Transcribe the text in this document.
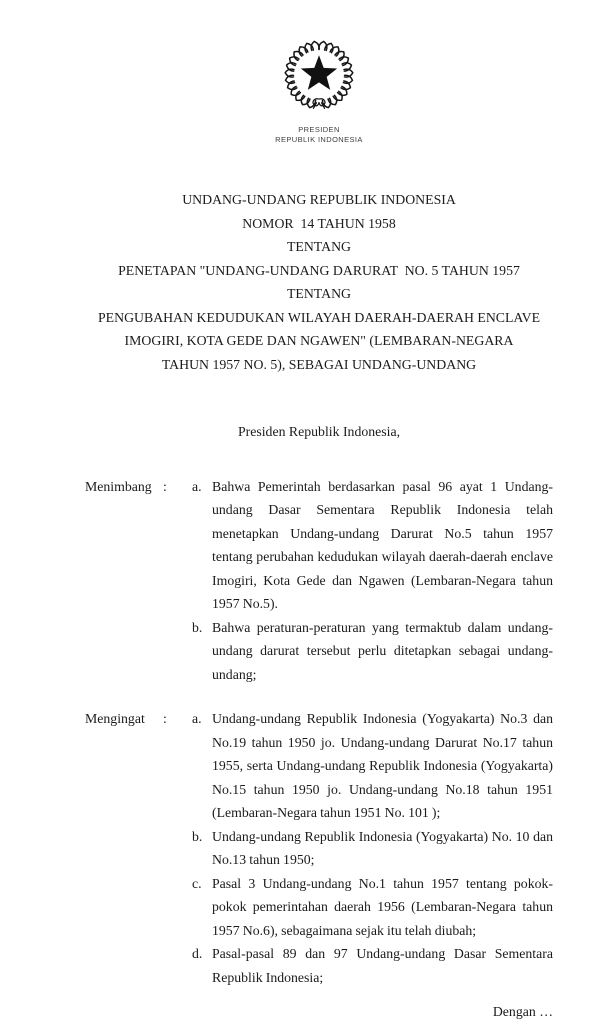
PRESIDEN
REPUBLIK INDONESIA
UNDANG-UNDANG REPUBLIK INDONESIA
NOMOR  14 TAHUN 1958
TENTANG
PENETAPAN "UNDANG-UNDANG DARURAT  NO. 5 TAHUN 1957 TENTANG
PENGUBAHAN KEDUDUKAN WILAYAH DAERAH-DAERAH ENCLAVE
IMOGIRI, KOTA GEDE DAN NGAWEN" (LEMBARAN-NEGARA
TAHUN 1957 NO. 5), SEBAGAI UNDANG-UNDANG
Presiden Republik Indonesia,
Menimbang :	a. Bahwa Pemerintah berdasarkan pasal 96 ayat 1 Undang-undang Dasar Sementara Republik Indonesia telah menetapkan Undang-undang Darurat No.5 tahun 1957 tentang perubahan kedudukan wilayah daerah-daerah enclave Imogiri, Kota Gede dan Ngawen (Lembaran-Negara tahun 1957 No.5).
b. Bahwa peraturan-peraturan yang termaktub dalam undang-undang darurat tersebut perlu ditetapkan sebagai undang-undang;
Mengingat	:	a. Undang-undang Republik Indonesia (Yogyakarta) No.3 dan No.19 tahun 1950 jo. Undang-undang Darurat No.17 tahun 1955, serta Undang-undang Republik Indonesia (Yogyakarta) No.15 tahun 1950 jo. Undang-undang No.18 tahun 1951 (Lembaran-Negara tahun 1951 No. 101 );
b. Undang-undang Republik Indonesia (Yogyakarta) No. 10 dan No.13 tahun 1950;
c. Pasal 3 Undang-undang No.1 tahun 1957 tentang pokok-pokok pemerintahan daerah 1956 (Lembaran-Negara tahun 1957 No.6), sebagaimana sejak itu telah diubah;
d. Pasal-pasal 89 dan 97 Undang-undang Dasar Sementara Republik Indonesia;
Dengan …
